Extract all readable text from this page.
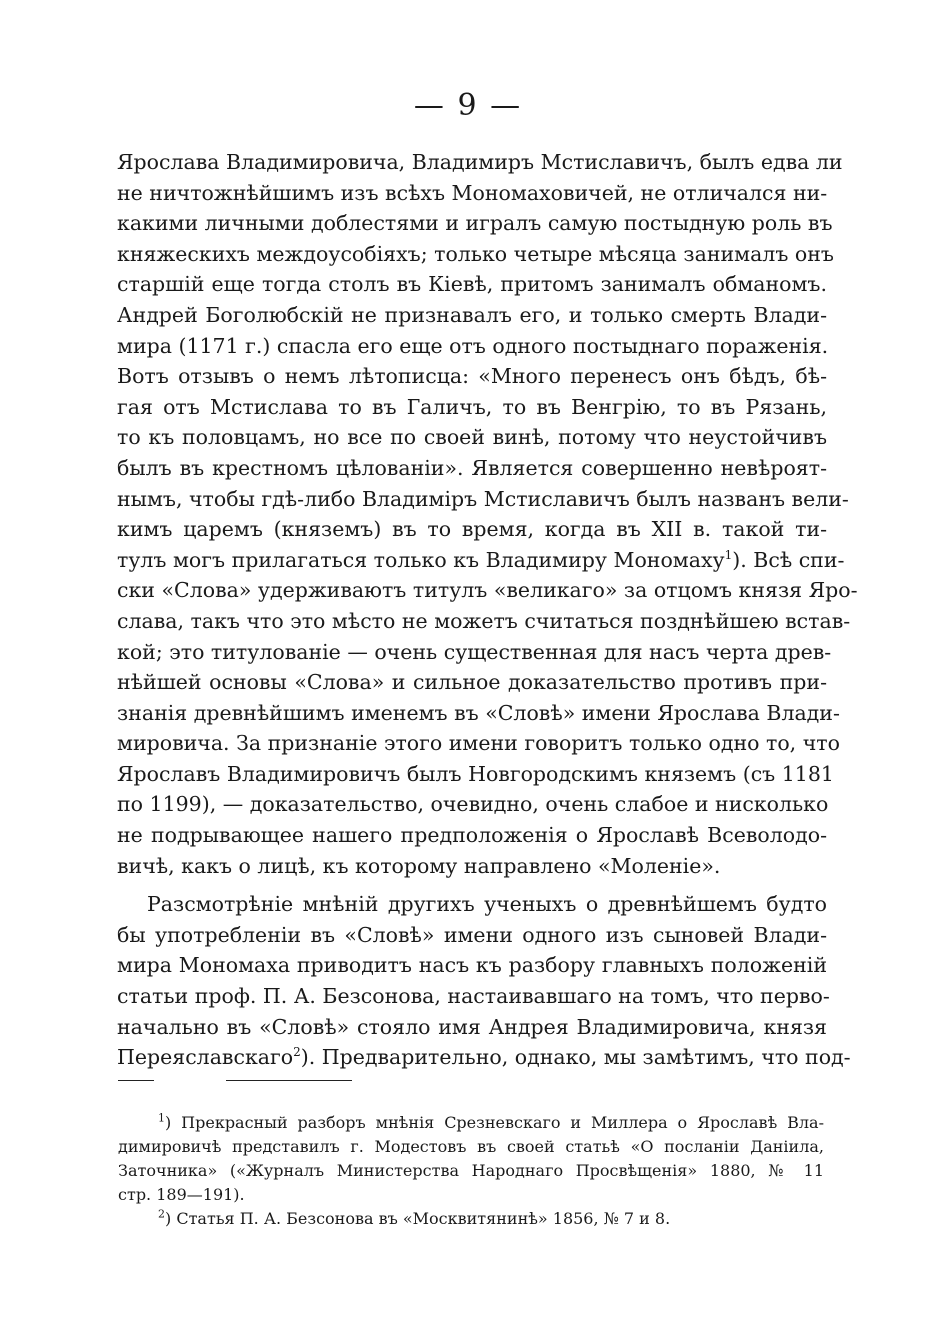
— 9 —
Ярослава Владимировича, Владимиръ Мстиславичъ, былъ едва ли
не ничтожнѣйшимъ изъ всѣхъ Мономаховичей, не отличался ни-
какими личными доблестями и игралъ самую постыдную роль въ
княжескихъ междоусобіяхъ; только четыре мѣсяца занималъ онъ
старшій еще тогда столъ въ Кіевѣ, притомъ занималъ обманомъ.
Андрей Боголюбскій не признавалъ его, и только смерть Влади-
мира (1171 г.) спасла его еще отъ одного постыднаго пораженія.
Вотъ отзывъ о немъ лѣтописца: «Много перенесъ онъ бѣдъ, бѣ-
гая отъ Мстислава то въ Галичъ, то въ Венгрію, то въ Рязань,
то къ половцамъ, но все по своей винѣ, потому что неустойчивъ
былъ въ крестномъ цѣлованіи». Является совершенно невѣроят-
нымъ, чтобы гдѣ-либо Владиміръ Мстиславичъ былъ названъ вели-
кимъ царемъ (княземъ) въ то время, когда въ XII в. такой ти-
тулъ могъ прилагаться только къ Владимиру Мономаху$^1$). Всѣ спи-
ски «Слова» удерживаютъ титулъ «великаго» за отцомъ князя Яро-
слава, такъ что это мѣсто не можетъ считаться позднѣйшею встав-
кой; это титулованіе — очень существенная для насъ черта древ-
нѣйшей основы «Слова» и сильное доказательство противъ при-
знанія древнѣйшимъ именемъ въ «Словѣ» имени Ярослава Влади-
мировича. За признаніе этого имени говоритъ только одно то, что
Ярославъ Владимировичъ былъ Новгородскимъ княземъ (съ 1181
по 1199), — доказательство, очевидно, очень слабое и нисколько
не подрывающее нашего предположенія о Ярославѣ Всеволодо-
вичѣ, какъ о лицѣ, къ которому направлено «Моленіе».
Разсмотрѣніе мнѣній другихъ ученыхъ о древнѣйшемъ будто
бы употребленіи въ «Словѣ» имени одного изъ сыновей Влади-
мира Мономаха приводитъ насъ къ разбору главныхъ положеній
статьи проф. П. А. Безсонова, настаивавшаго на томъ, что перво-
начально въ «Словѣ» стояло имя Андрея Владимировича, князя
Переяславскаго$^2$). Предварительно, однако, мы замѣтимъ, что под-
$^1$) Прекрасный разборъ мнѣнія Срезневскаго и Миллера о Ярославѣ Вла-
димировичѣ представилъ г. Модестовъ въ своей статьѣ «О посланіи Даніила,
Заточника» («Журналъ Министерства Народнаго Просвѣщенія» 1880, № 11
стр. 189—191).
$^2$) Статья П. А. Безсонова въ «Москвитянинѣ» 1856, № 7 и 8.
